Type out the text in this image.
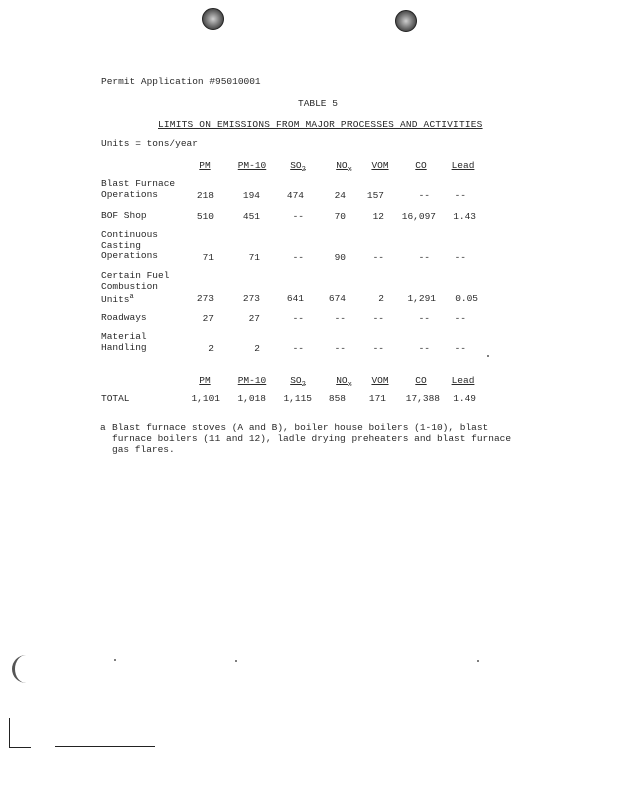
Permit Application #95010001
TABLE 5
LIMITS ON EMISSIONS FROM MAJOR PROCESSES AND ACTIVITIES
Units = tons/year
PM	PM-10	$SO_2$	$NO_x$	VOM	CO	Lead
Blast Furnace
Operations	218	194	474	24	157	--	--
BOF Shop	510	451	--	70	12	16,097	1.43
Continuous
Casting
Operations	71	71	--	90	--	--	--
Certain Fuel
Combustion
Units$^a$	273	273	641	674	2	1,291	0.05
Roadways	27	27	--	--	--	--	--
Material
Handling	2	2	--	--	--	--	--
PM	PM-10	$SO_2$	$NO_x$	VOM	CO	Lead
TOTAL	1,101	1,018	1,115	858	171	17,388	1.49
a Blast furnace stoves (A and B), boiler house boilers (1-10), blast furnace boilers (11 and 12), ladle drying preheaters and blast furnace gas flares.
